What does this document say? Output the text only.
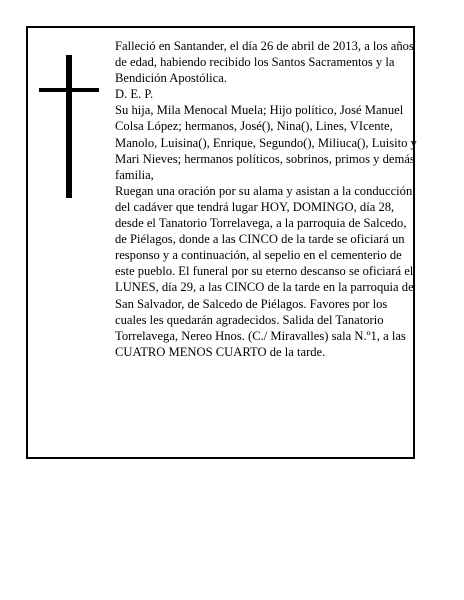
Falleció en Santander, el día 26 de abril de 2013, a los años de edad, habiendo recibido los Santos Sacramentos y la Bendición Apostólica.

D. E. P.

Su hija, Mila Menocal Muela; Hijo político, José Manuel Colsa López; hermanos, José(), Nina(), Lines, VIcente, Manolo, Luisina(), Enrique, Segundo(), Miliuca(), Luisito y Mari Nieves; hermanos políticos, sobrinos, primos y demás familia,

Ruegan una oración por su alama y asistan a la conducción del cadáver que tendrá lugar HOY, DOMINGO, día 28, desde el Tanatorio Torrelavega, a la parroquia de Salcedo, de Piélagos, donde a las CINCO de la tarde se oficiará un responso y a continuación, al sepelio en el cementerio de este pueblo. El funeral por su eterno descanso se oficiará el LUNES, día 29, a las CINCO de la tarde en la parroquia de San Salvador, de Salcedo de Piélagos. Favores por los cuales les quedarán agradecidos. Salida del Tanatorio Torrelavega, Nereo Hnos. (C./ Miravalles) sala N.º1, a las CUATRO MENOS CUARTO de la tarde.
